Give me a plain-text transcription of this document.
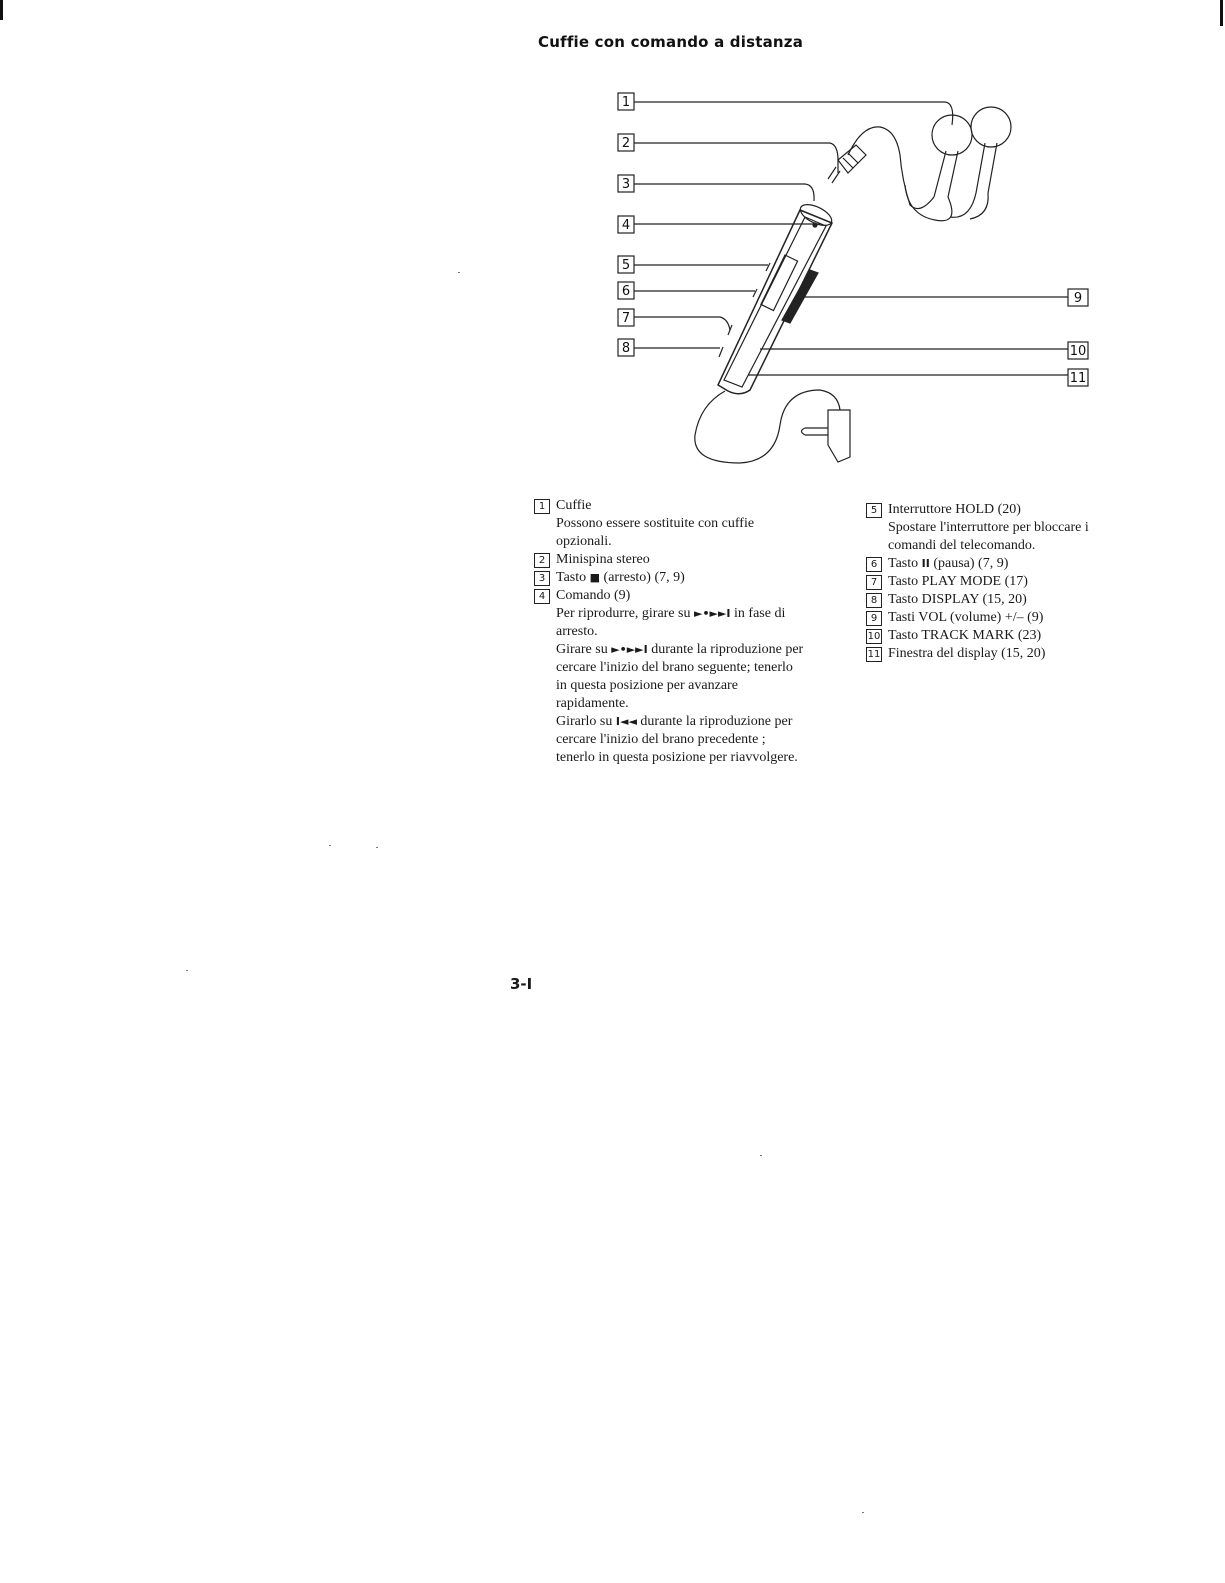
Cuffie con comando a distanza
1
2
3
4
5
6
7
8
9
10
11
1 Cuffie
Possono essere sostituite con cuffie opzionali.
2 Minispina stereo
3 Tasto ■ (arresto) (7, 9)
4 Comando (9)
Per riprodurre, girare su ►•►►I in fase di arresto.
Girare su ►•►►I durante la riproduzione per cercare l'inizio del brano seguente; tenerlo in questa posizione per avanzare rapidamente.
Girarlo su I◄◄ durante la riproduzione per cercare l'inizio del brano precedente ; tenerlo in questa posizione per riavvolgere.
5 Interruttore HOLD (20)
Spostare l'interruttore per bloccare i comandi del telecomando.
6 Tasto II (pausa) (7, 9)
7 Tasto PLAY MODE (17)
8 Tasto DISPLAY (15, 20)
9 Tasti VOL (volume) +/– (9)
10 Tasto TRACK MARK (23)
11 Finestra del display (15, 20)
3-I
